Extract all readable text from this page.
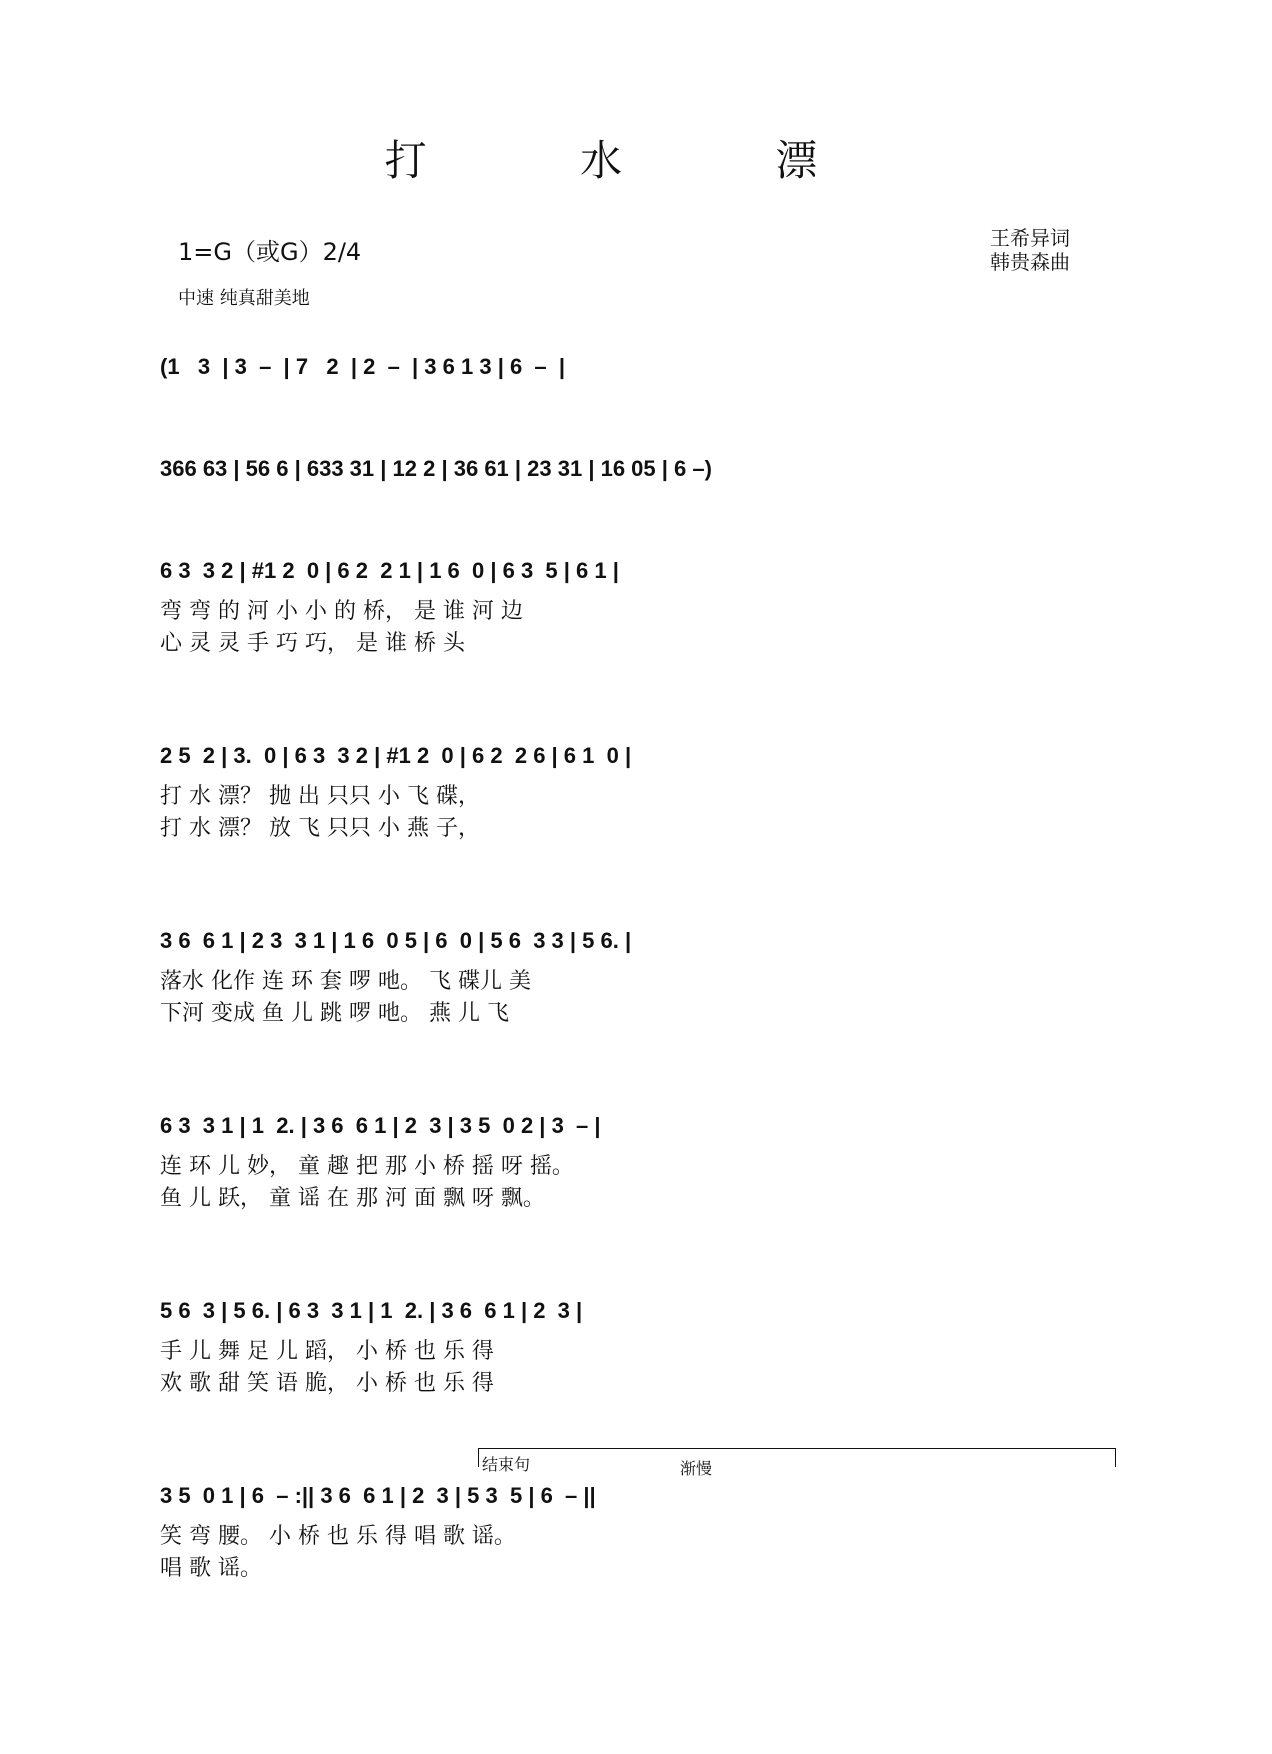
打 水 漂
1=G（或G）2/4
中速 纯真甜美地
王希异词
韩贵森曲
(1   3  | 3  –  | 7   2  | 2  –  | 3 6 1 3 | 6  –  |
366 63 | 56 6 | 633 31 | 12 2 | 36 61 | 23 31 | 16 05 | 6 –)
6 3  3 2 | #1 2  0 | 6 2  2 1 | 1 6  0 | 6 3  5 | 6 1 |
弯 弯 的 河 小 小 的 桥， 是 谁 河 边
心 灵 灵 手 巧 巧， 是 谁 桥 头
2 5  2 | 3.  0 | 6 3  3 2 | #1 2  0 | 6 2  2 6 | 6 1  0 |
打 水 漂？ 抛 出 只只 小 飞 碟，
打 水 漂？ 放 飞 只只 小 燕 子，
3 6  6 1 | 2 3  3 1 | 1 6  0 5 | 6  0 | 5 6  3 3 | 5 6. |
落水 化作 连 环 套 啰 吔。 飞 碟儿 美
下河 变成 鱼 儿 跳 啰 吔。 燕 儿 飞
6 3  3 1 | 1  2. | 3 6  6 1 | 2  3 | 3 5  0 2 | 3  – |
连 环 儿 妙， 童 趣 把 那 小 桥 摇 呀 摇。
鱼 儿 跃， 童 谣 在 那 河 面 飘 呀 飘。
5 6  3 | 5 6. | 6 3  3 1 | 1  2. | 3 6  6 1 | 2  3 |
手 儿 舞 足 儿 蹈， 小 桥 也 乐 得
欢 歌 甜 笑 语 脆， 小 桥 也 乐 得
结束句	渐慢
3 5  0 1 | 6  – :|| 3 6  6 1 | 2  3 | 5 3  5 | 6  – ||
笑 弯 腰。 小 桥 也 乐 得 唱 歌 谣。
唱 歌 谣。
